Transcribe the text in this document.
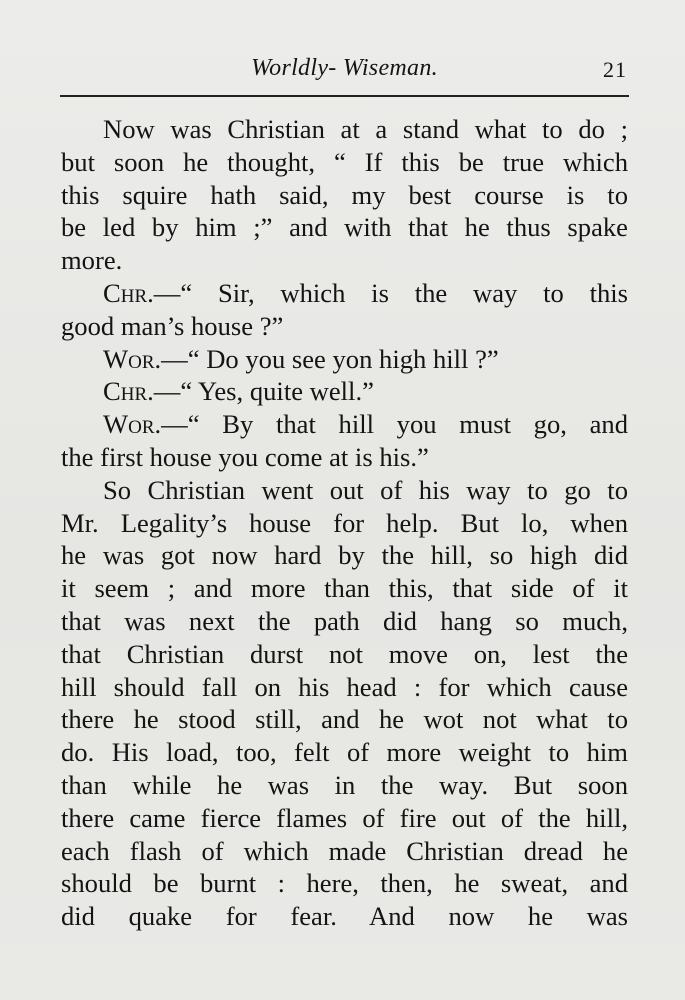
Worldly- Wiseman.	21
Now was Christian at a stand what to do ;
but soon he thought, “ If this be true which
this squire hath said, my best course is to
be led by him ;” and with that he thus spake
more.
Chr.—“ Sir, which is the way to this
good man’s house ?”
Wor.—“ Do you see yon high hill ?”
Chr.—“ Yes, quite well.”
Wor.—“ By that hill you must go, and
the first house you come at is his.”
So Christian went out of his way to go to
Mr. Legality’s house for help. But lo, when
he was got now hard by the hill, so high did
it seem ; and more than this, that side of it
that was next the path did hang so much,
that Christian durst not move on, lest the
hill should fall on his head : for which cause
there he stood still, and he wot not what to
do. His load, too, felt of more weight to him
than while he was in the way. But soon
there came fierce flames of fire out of the hill,
each flash of which made Christian dread he
should be burnt : here, then, he sweat, and
did quake for fear. And now he was
